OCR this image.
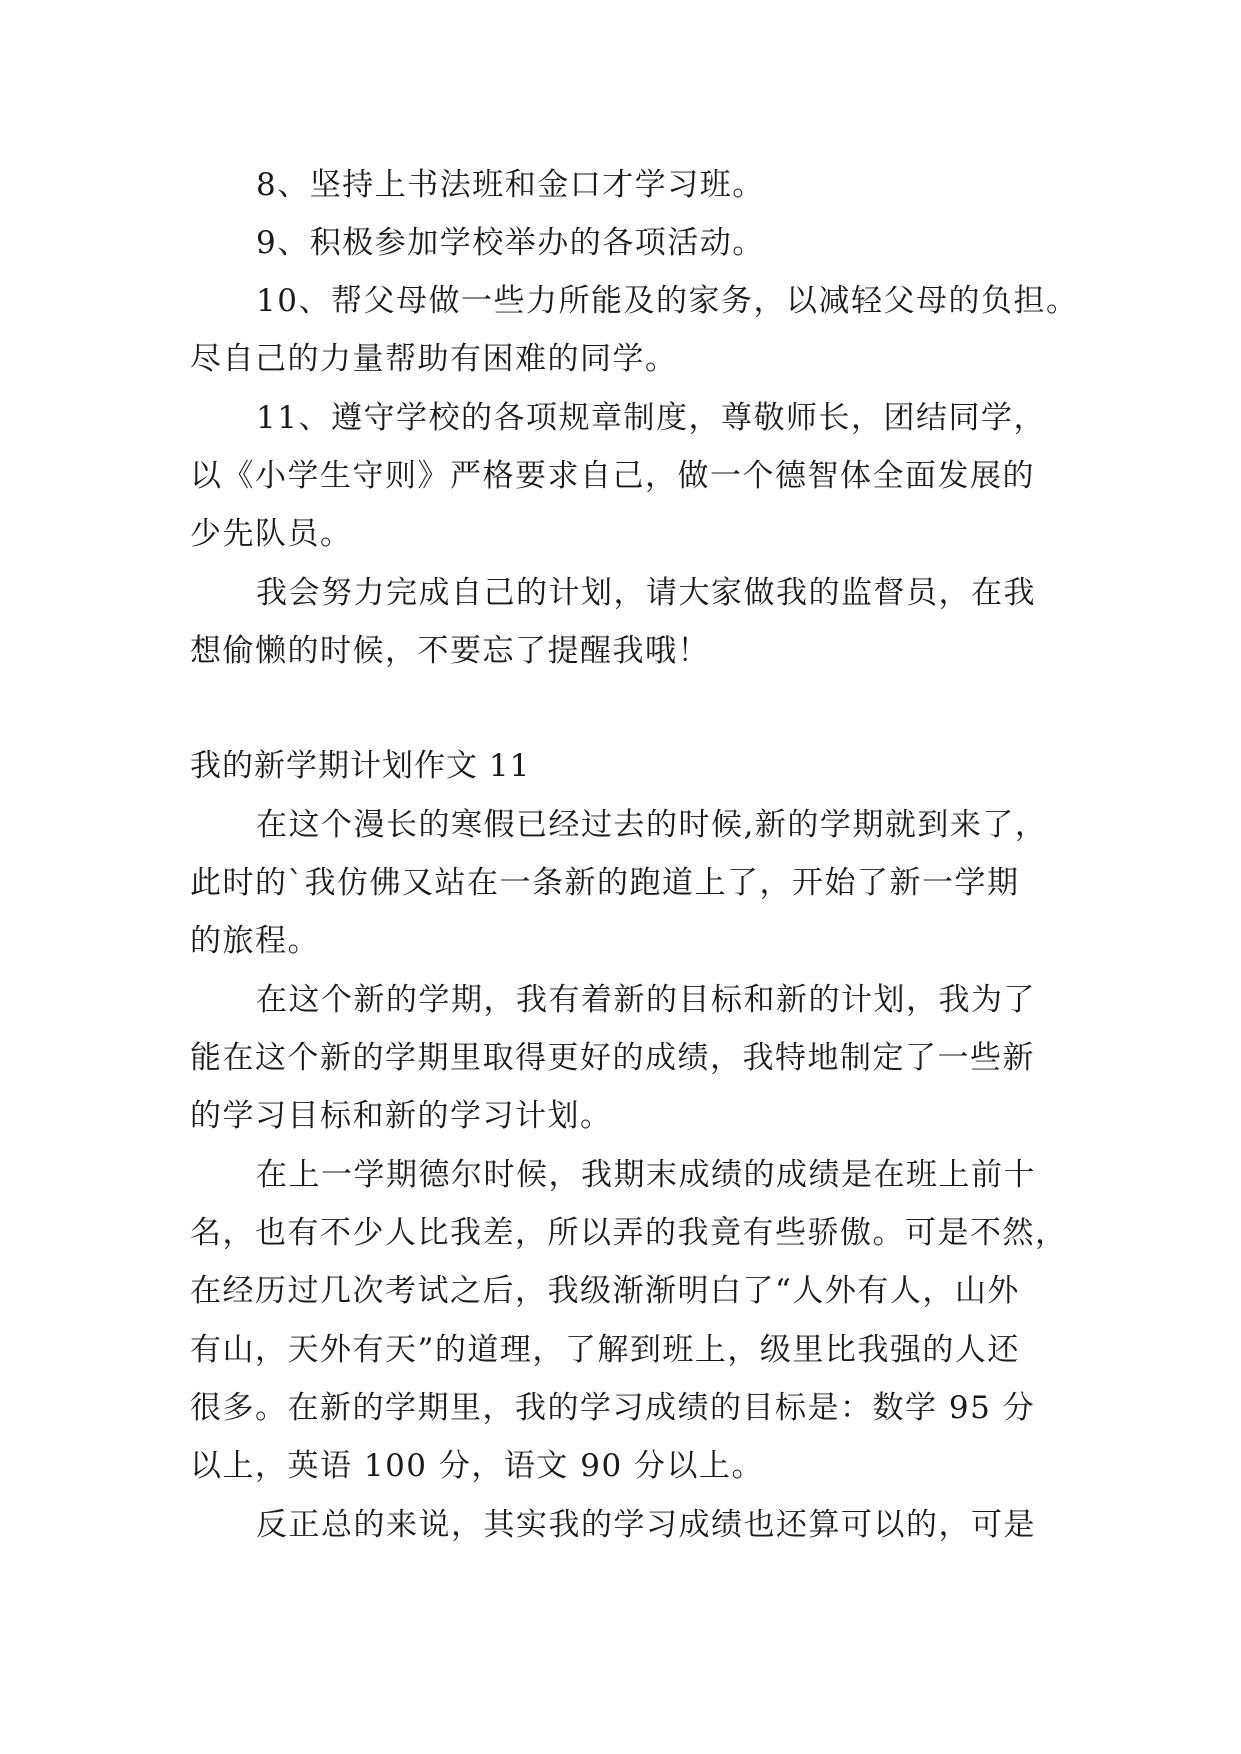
8、坚持上书法班和金口才学习班。
9、积极参加学校举办的各项活动。
10、帮父母做一些力所能及的家务，以减轻父母的负担。
尽自己的力量帮助有困难的同学。
11、遵守学校的各项规章制度，尊敬师长，团结同学，
以《小学生守则》严格要求自己，做一个德智体全面发展的
少先队员。
我会努力完成自己的计划，请大家做我的监督员，在我
想偷懒的时候，不要忘了提醒我哦！
我的新学期计划作文 11
在这个漫长的寒假已经过去的时候,新的学期就到来了，
此时的`我仿佛又站在一条新的跑道上了，开始了新一学期
的旅程。
在这个新的学期，我有着新的目标和新的计划，我为了
能在这个新的学期里取得更好的成绩，我特地制定了一些新
的学习目标和新的学习计划。
在上一学期德尔时候，我期末成绩的成绩是在班上前十
名，也有不少人比我差，所以弄的我竟有些骄傲。可是不然，
在经历过几次考试之后，我级渐渐明白了“人外有人，山外
有山，天外有天”的道理，了解到班上，级里比我强的人还
很多。在新的学期里，我的学习成绩的目标是：数学 95 分
以上，英语 100 分，语文 90 分以上。
反正总的来说，其实我的学习成绩也还算可以的，可是
